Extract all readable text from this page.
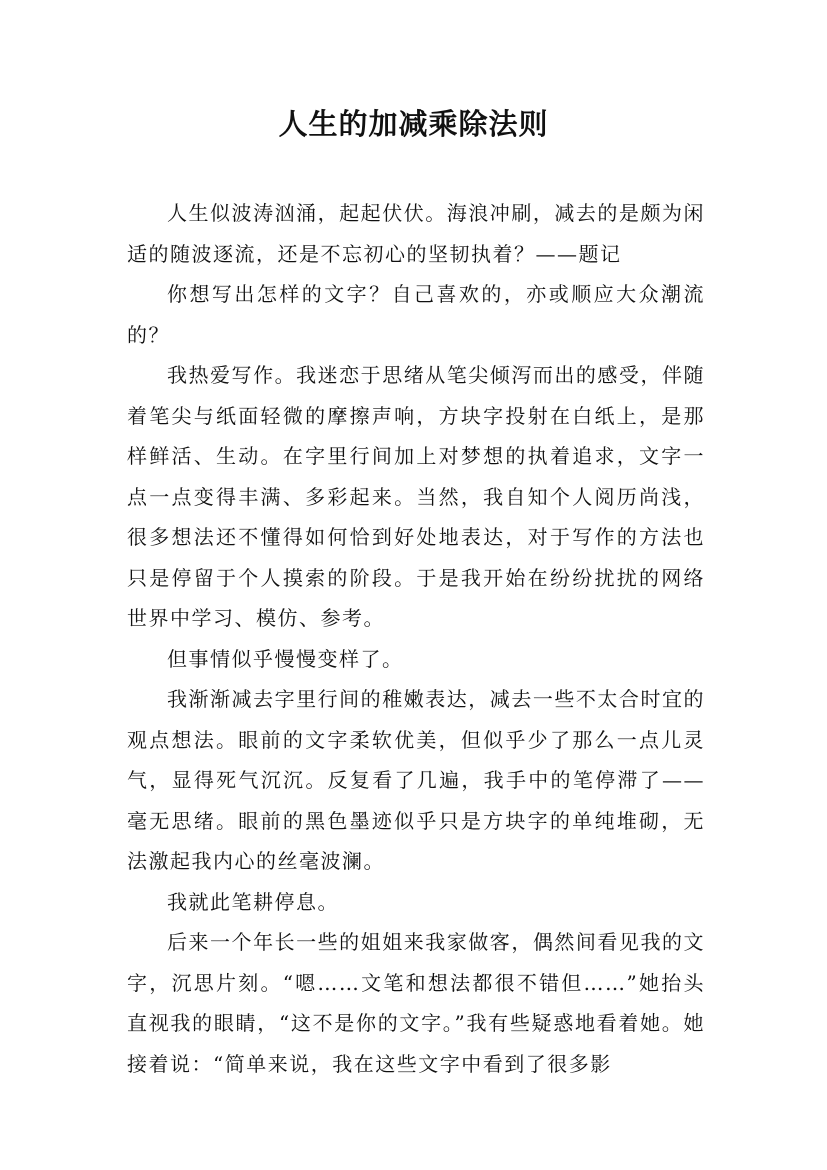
人生的加减乘除法则

人生似波涛汹涌，起起伏伏。海浪冲刷，减去的是颇为闲适的随波逐流，还是不忘初心的坚韧执着？——题记

你想写出怎样的文字？自己喜欢的，亦或顺应大众潮流的？

我热爱写作。我迷恋于思绪从笔尖倾泻而出的感受，伴随着笔尖与纸面轻微的摩擦声响，方块字投射在白纸上，是那样鲜活、生动。在字里行间加上对梦想的执着追求，文字一点一点变得丰满、多彩起来。当然，我自知个人阅历尚浅，很多想法还不懂得如何恰到好处地表达，对于写作的方法也只是停留于个人摸索的阶段。于是我开始在纷纷扰扰的网络世界中学习、模仿、参考。

但事情似乎慢慢变样了。

我渐渐减去字里行间的稚嫩表达，减去一些不太合时宜的观点想法。眼前的文字柔软优美，但似乎少了那么一点儿灵气，显得死气沉沉。反复看了几遍，我手中的笔停滞了——毫无思绪。眼前的黑色墨迹似乎只是方块字的单纯堆砌，无法激起我内心的丝毫波澜。

我就此笔耕停息。

后来一个年长一些的姐姐来我家做客，偶然间看见我的文字，沉思片刻。“嗯……文笔和想法都很不错但……”她抬头直视我的眼睛，“这不是你的文字。”我有些疑惑地看着她。她接着说：“简单来说，我在这些文字中看到了很多影
